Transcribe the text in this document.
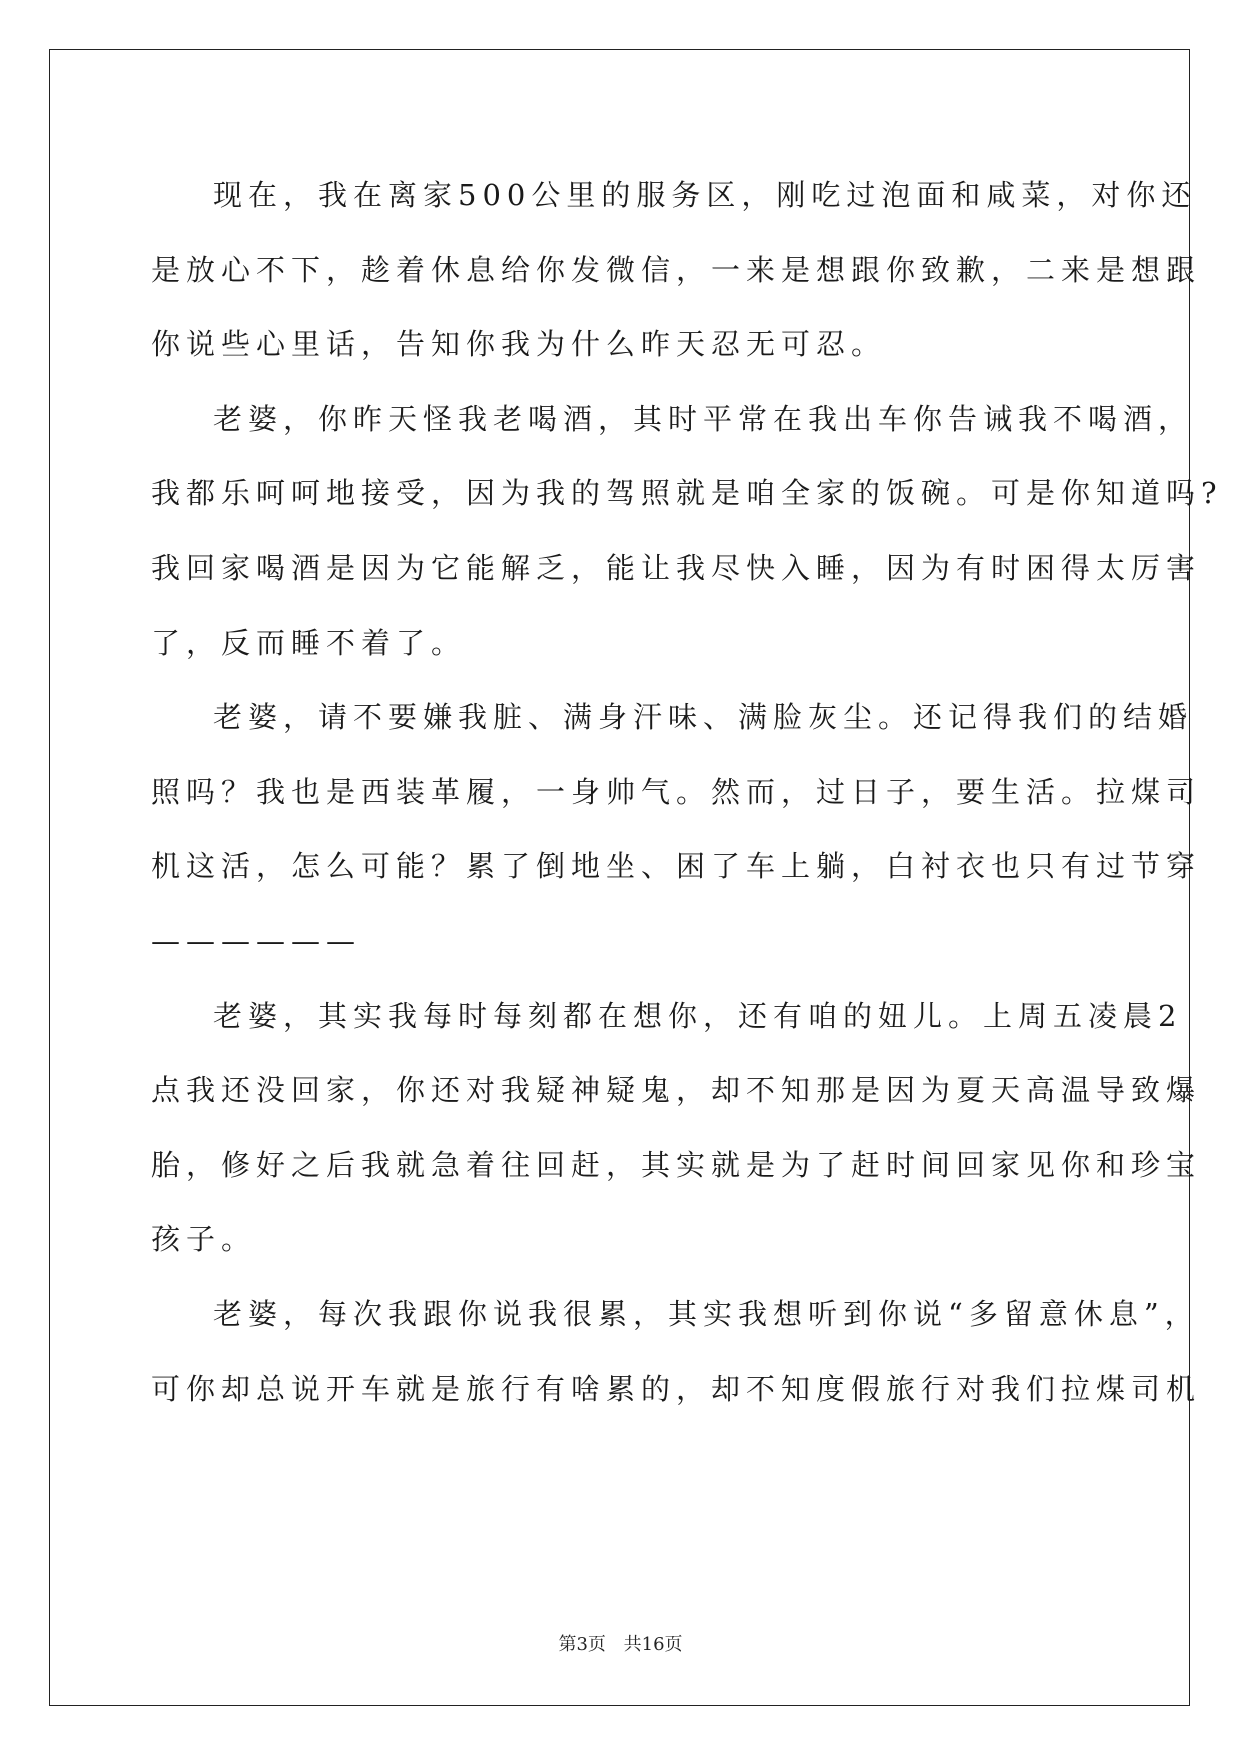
现在，我在离家500公里的服务区，刚吃过泡面和咸菜，对你还
是放心不下，趁着休息给你发微信，一来是想跟你致歉，二来是想跟
你说些心里话，告知你我为什么昨天忍无可忍。
老婆，你昨天怪我老喝酒，其时平常在我出车你告诫我不喝酒，
我都乐呵呵地接受，因为我的驾照就是咱全家的饭碗。可是你知道吗?
我回家喝酒是因为它能解乏，能让我尽快入睡，因为有时困得太厉害
了，反而睡不着了。
老婆，请不要嫌我脏、满身汗味、满脸灰尘。还记得我们的结婚
照吗？我也是西装革履，一身帅气。然而，过日子，要生活。拉煤司
机这活，怎么可能？累了倒地坐、困了车上躺，白衬衣也只有过节穿
——————
老婆，其实我每时每刻都在想你，还有咱的妞儿。上周五凌晨2
点我还没回家，你还对我疑神疑鬼，却不知那是因为夏天高温导致爆
胎，修好之后我就急着往回赶，其实就是为了赶时间回家见你和珍宝
孩子。
老婆，每次我跟你说我很累，其实我想听到你说“多留意休息”，
可你却总说开车就是旅行有啥累的，却不知度假旅行对我们拉煤司机
第3页 共16页
